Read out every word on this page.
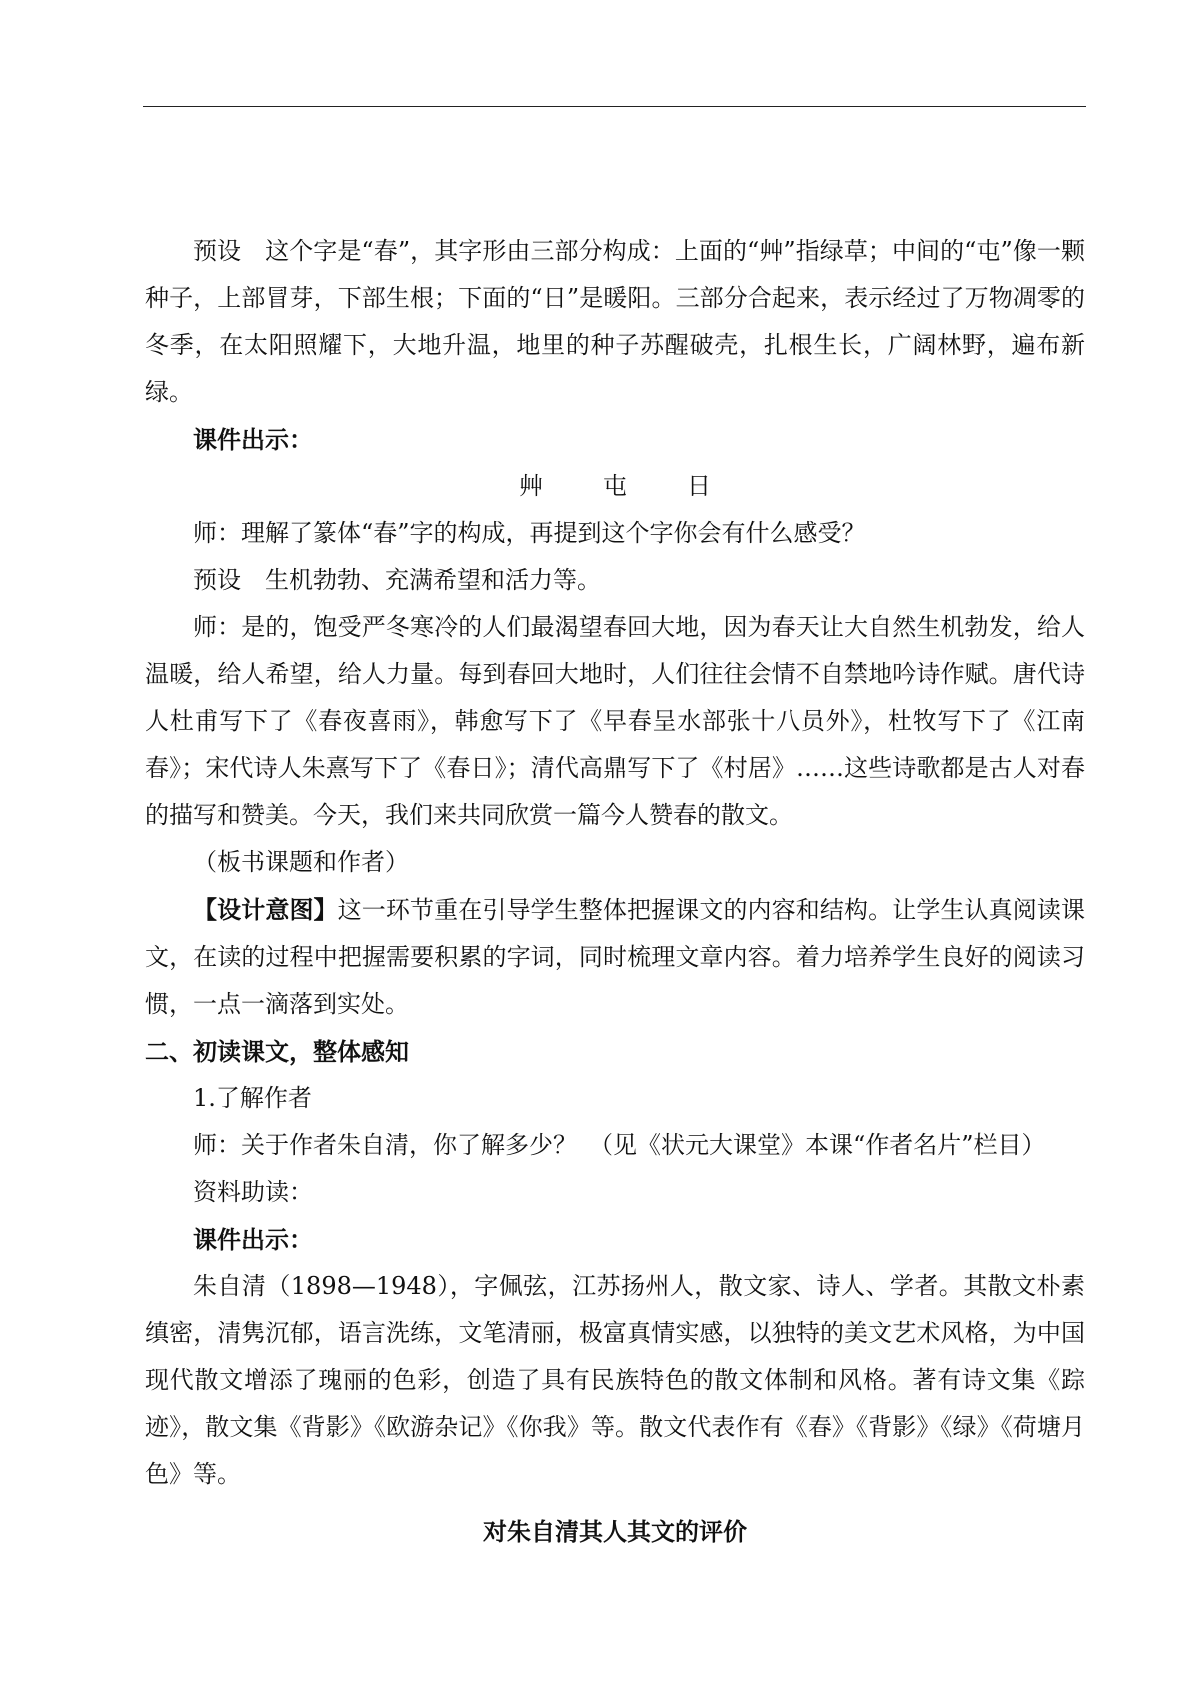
预设　这个字是“春”，其字形由三部分构成：上面的“艸”指绿草；中间的“屯”像一颗种子，上部冒芽，下部生根；下面的“日”是暖阳。三部分合起来，表示经过了万物凋零的冬季，在太阳照耀下，大地升温，地里的种子苏醒破壳，扎根生长，广阔林野，遍布新绿。

课件出示：

艸	屯	日

师：理解了篆体“春”字的构成，再提到这个字你会有什么感受？

预设　生机勃勃、充满希望和活力等。

师：是的，饱受严冬寒冷的人们最渴望春回大地，因为春天让大自然生机勃发，给人温暖，给人希望，给人力量。每到春回大地时，人们往往会情不自禁地吟诗作赋。唐代诗人杜甫写下了《春夜喜雨》，韩愈写下了《早春呈水部张十八员外》，杜牧写下了《江南春》；宋代诗人朱熹写下了《春日》；清代高鼎写下了《村居》……这些诗歌都是古人对春的描写和赞美。今天，我们来共同欣赏一篇今人赞春的散文。

（板书课题和作者）

【设计意图】这一环节重在引导学生整体把握课文的内容和结构。让学生认真阅读课文，在读的过程中把握需要积累的字词，同时梳理文章内容。着力培养学生良好的阅读习惯，一点一滴落到实处。

二、初读课文，整体感知

1.了解作者

师：关于作者朱自清，你了解多少？　（见《状元大课堂》本课“作者名片”栏目）

资料助读：

课件出示：

朱自清（1898—1948），字佩弦，江苏扬州人，散文家、诗人、学者。其散文朴素缜密，清隽沉郁，语言洗练，文笔清丽，极富真情实感，以独特的美文艺术风格，为中国现代散文增添了瑰丽的色彩，创造了具有民族特色的散文体制和风格。著有诗文集《踪迹》，散文集《背影》《欧游杂记》《你我》等。散文代表作有《春》《背影》《绿》《荷塘月色》等。

对朱自清其人其文的评价
